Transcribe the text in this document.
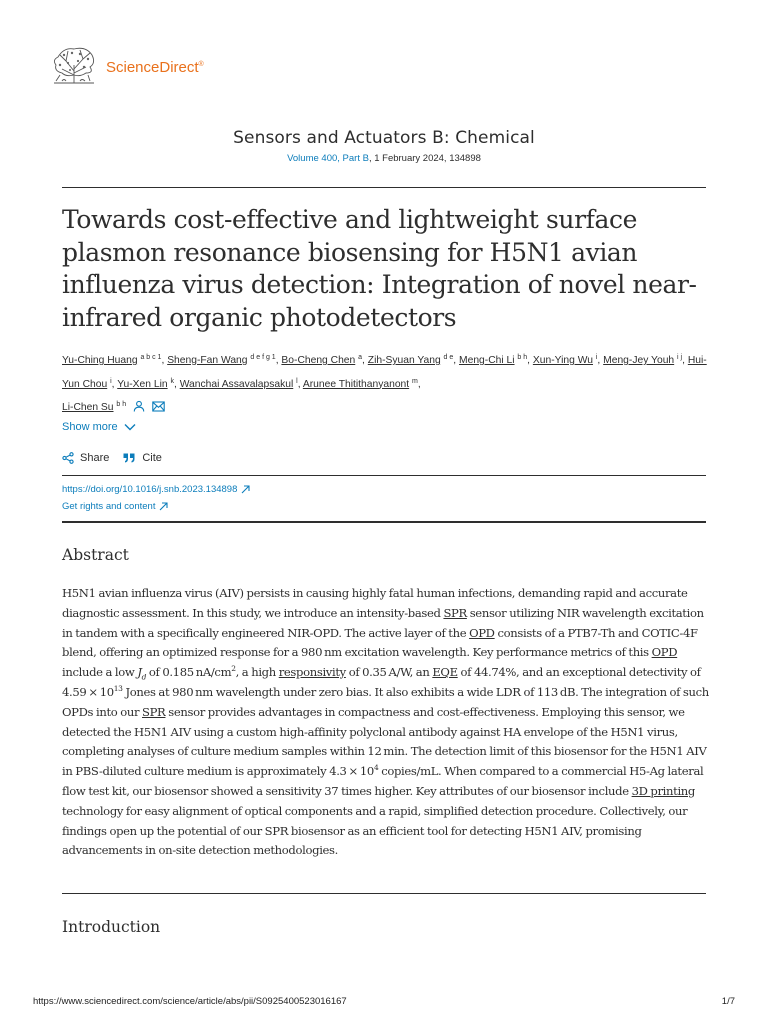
ScienceDirect®
Sensors and Actuators B: Chemical
Volume 400, Part B, 1 February 2024, 134898
Towards cost-effective and lightweight surface plasmon resonance biosensing for H5N1 avian influenza virus detection: Integration of novel near-infrared organic photodetectors
Yu-Ching Huang $^{a b c 1}$, Sheng-Fan Wang $^{d e f g 1}$, Bo-Cheng Chen $^a$, Zih-Syuan Yang $^{d e}$, Meng-Chi Li $^{b h}$, Xun-Ying Wu $^i$, Meng-Jey Youh $^{i j}$, Hui-Yun Chou $^i$, Yu-Xen Lin $^k$, Wanchai Assavalapsakul $^l$, Arunee Thitithanyanont $^m$,
Li-Chen Su $^{b h}$
Show more
Share	Cite
https://doi.org/10.1016/j.snb.2023.134898
Get rights and content
Abstract

H5N1 avian influenza virus (AIV) persists in causing highly fatal human infections, demanding rapid and accurate diagnostic assessment. In this study, we introduce an intensity-based SPR sensor utilizing NIR wavelength excitation in tandem with a specifically engineered NIR-OPD. The active layer of the OPD consists of a PTB7-Th and COTIC-4F blend, offering an optimized response for a 980 nm excitation wavelength. Key performance metrics of this OPD include a low $J_d$ of 0.185 $nA/cm^2$, a high responsivity of 0.35 A/W, an EQE of 44.74%, and an exceptional detectivity of $4.59 \times 10^{13}$ Jones at 980 nm wavelength under zero bias. It also exhibits a wide LDR of 113 dB. The integration of such OPDs into our SPR sensor provides advantages in compactness and cost-effectiveness. Employing this sensor, we detected the H5N1 AIV using a custom high-affinity polyclonal antibody against HA envelope of the H5N1 virus, completing analyses of culture medium samples within 12 min. The detection limit of this biosensor for the H5N1 AIV in PBS-diluted culture medium is approximately $4.3 \times 10^4$ copies/mL. When compared to a commercial H5-Ag lateral flow test kit, our biosensor showed a sensitivity 37 times higher. Key attributes of our biosensor include 3D printing technology for easy alignment of optical components and a rapid, simplified detection procedure. Collectively, our findings open up the potential of our SPR biosensor as an efficient tool for detecting H5N1 AIV, promising advancements in on-site detection methodologies.

Introduction
https://www.sciencedirect.com/science/article/abs/pii/S0925400523016167	1/7
